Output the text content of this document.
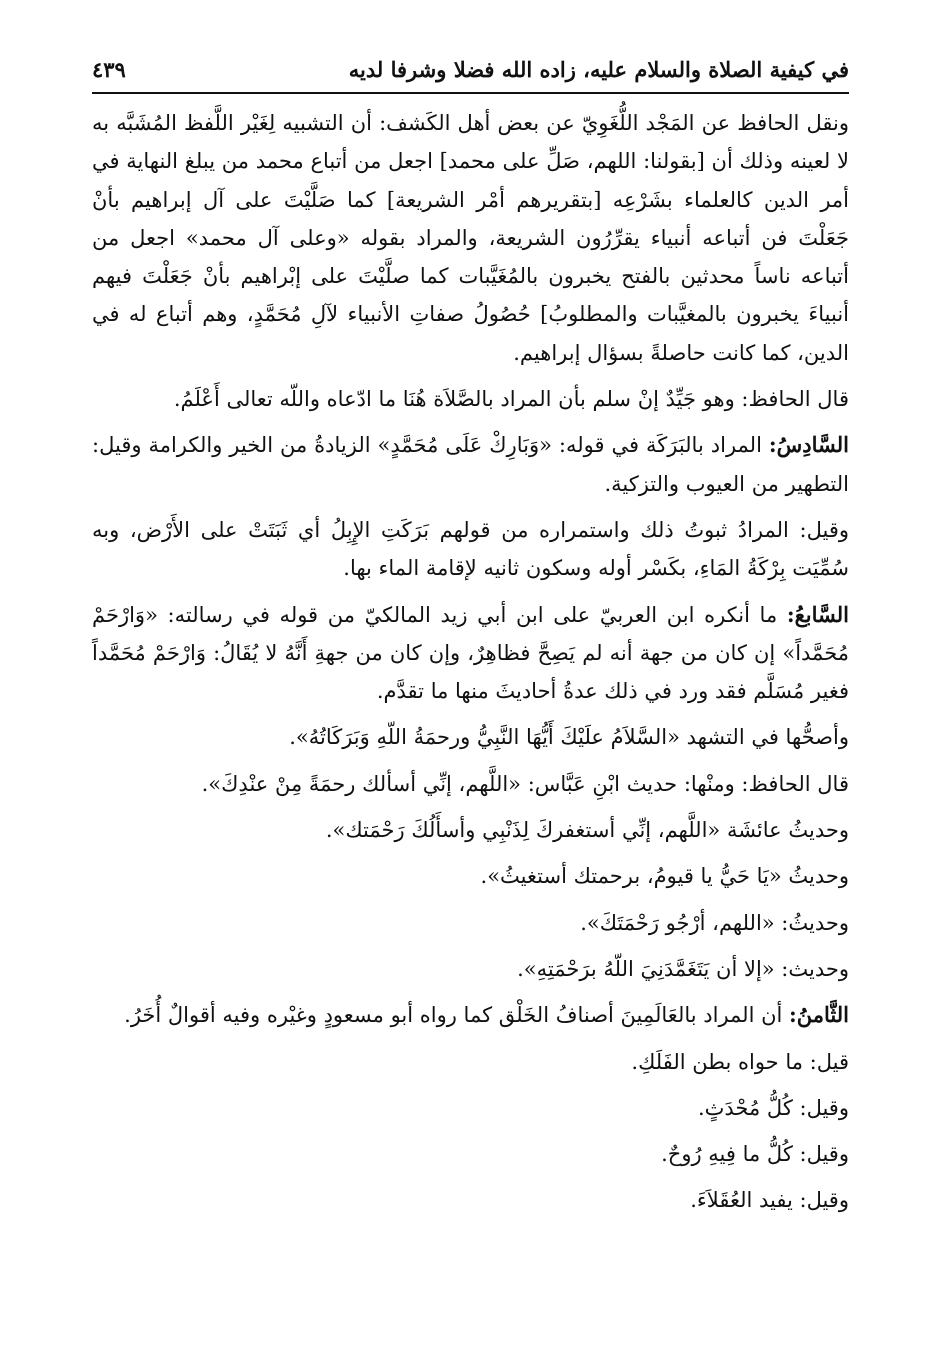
في كيفية الصلاة والسلام عليه، زاده الله فضلا وشرفا لديه
٤٣٩

ونقل الحافظ عن المَجْد اللُّغَوِيّ عن بعض أهل الكَشف: أن التشبيه لِغَيْر اللَّفظ المُشَبَّه به لا لعينه وذلك أن [بقولنا: اللهم، صَلِّ على محمد] اجعل من أتباع محمد من يبلغ النهاية في أمر الدين كالعلماء بشَرْعِه [بتقريرهم أمْر الشريعة] كما صَلَّيْتَ على آل إبراهيم بأنْ جَعَلْتَ فن أتباعه أنبياء يقرِّرُون الشريعة، والمراد بقوله «وعلى آل محمد» اجعل من أتباعه ناساً محدثين بالفتح يخبرون بالمُغَيَّبات كما صلَّيْتَ على إبْراهيم بأنْ جَعَلْتَ فيهم أنبياءَ يخبرون بالمغيَّبات والمطلوبُ] حُصُولُ صفاتِ الأنبياء لآلِ مُحَمَّدٍ، وهم أتباع له في الدين، كما كانت حاصلةً بسؤال إبراهيم.

قال الحافظ: وهو جَيِّدٌ إنْ سلم بأن المراد بالصَّلاَة هُنَا ما ادّعاه واللّه تعالى أَعْلَمُ.

السَّادِسُ: المراد بالبَرَكَة في قوله: «وَبَارِكْ عَلَى مُحَمَّدٍ» الزيادةُ من الخير والكرامة وقيل: التطهير من العيوب والتزكية.

وقيل: المرادُ ثبوتُ ذلك واستمراره من قولهم بَرَكَتِ الإِبِلُ أي ثَبَتَتْ على الأَرْض، وبه سُمِّيَت بِرْكَةُ المَاءِ، بكَسْر أوله وسكون ثانيه لإقامة الماء بها.

السَّابعُ: ما أنكره ابن العربيّ على ابن أبي زيد المالكيّ من قوله في رسالته: «وَارْحَمْ مُحَمَّداً» إن كان من جهة أنه لم يَصِحَّ فظاهِرٌ، وإن كان من جهةِ أَنَّهُ لا يُقَالُ: وَارْحَمْ مُحَمَّداً فغير مُسَلَّم فقد ورد في ذلك عدةُ أحاديثَ منها ما تقدَّم.

وأصحُّها في التشهد «السَّلاَمُ علَيْكَ أَيُّهَا النَّبِيُّ ورحمَةُ اللّهِ وَبَرَكَاتُهُ».

قال الحافظ: ومنْها: حديث ابْنِ عَبَّاس: «اللَّهم، إنِّي أسألك رحمَةً مِنْ عنْدِكَ».

وحديثُ عائشَة «اللَّهم، إنِّي أستغفركَ لِذَنْبِي وأسأَلُكَ رَحْمَتك».

وحديثُ «يَا حَيُّ يا قيومُ، برحمتك أستغيثُ».

وحديثُ: «اللهم، أرْجُو رَحْمَتَكَ».

وحديث: «إلا أن يَتَغَمَّدَنِيَ اللّهُ برَحْمَتِهِ».

الثَّامنُ: أن المراد بالعَالَمِينَ أصنافُ الخَلْق كما رواه أبو مسعودٍ وغيْره وفيه أقوالٌ أُخَرُ.

قيل: ما حواه بطن الفَلَكِ.

وقيل: كُلُّ مُحْدَثٍ.

وقيل: كُلُّ ما فِيهِ رُوحٌ.

وقيل: يفيد العُقَلاَءَ.
